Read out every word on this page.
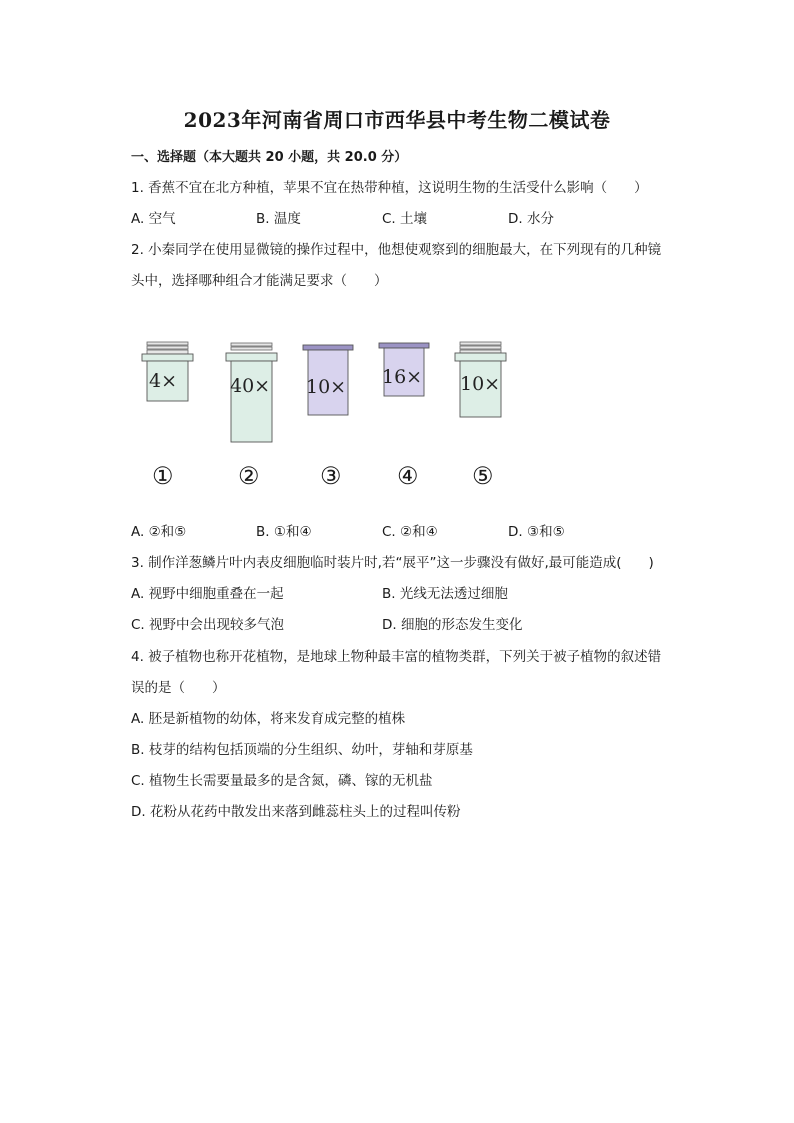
2023年河南省周口市西华县中考生物二模试卷
一、选择题（本大题共 20 小题，共 20.0 分）
1. 香蕉不宜在北方种植，苹果不宜在热带种植，这说明生物的生活受什么影响（　　）
A. 空气	B. 温度	C. 土壤	D. 水分
2. 小秦同学在使用显微镜的操作过程中，他想使观察到的细胞最大，在下列现有的几种镜
头中，选择哪种组合才能满足要求（　　）
4×	40× 10× 16× 10×
①	②	③ ④ ⑤
A. ②和⑤	B. ①和④	C. ②和④	D. ③和⑤
3. 制作洋葱鳞片叶内表皮细胞临时装片时,若“展平”这一步骤没有做好,最可能造成(　　)
A. 视野中细胞重叠在一起	B. 光线无法透过细胞
C. 视野中会出现较多气泡	D. 细胞的形态发生变化
4. 被子植物也称开花植物，是地球上物种最丰富的植物类群，下列关于被子植物的叙述错
误的是（　　）
A. 胚是新植物的幼体，将来发育成完整的植株
B. 枝芽的结构包括顶端的分生组织、幼叶，芽轴和芽原基
C. 植物生长需要量最多的是含氮，磷、镓的无机盐
D. 花粉从花药中散发出来落到雌蕊柱头上的过程叫传粉
